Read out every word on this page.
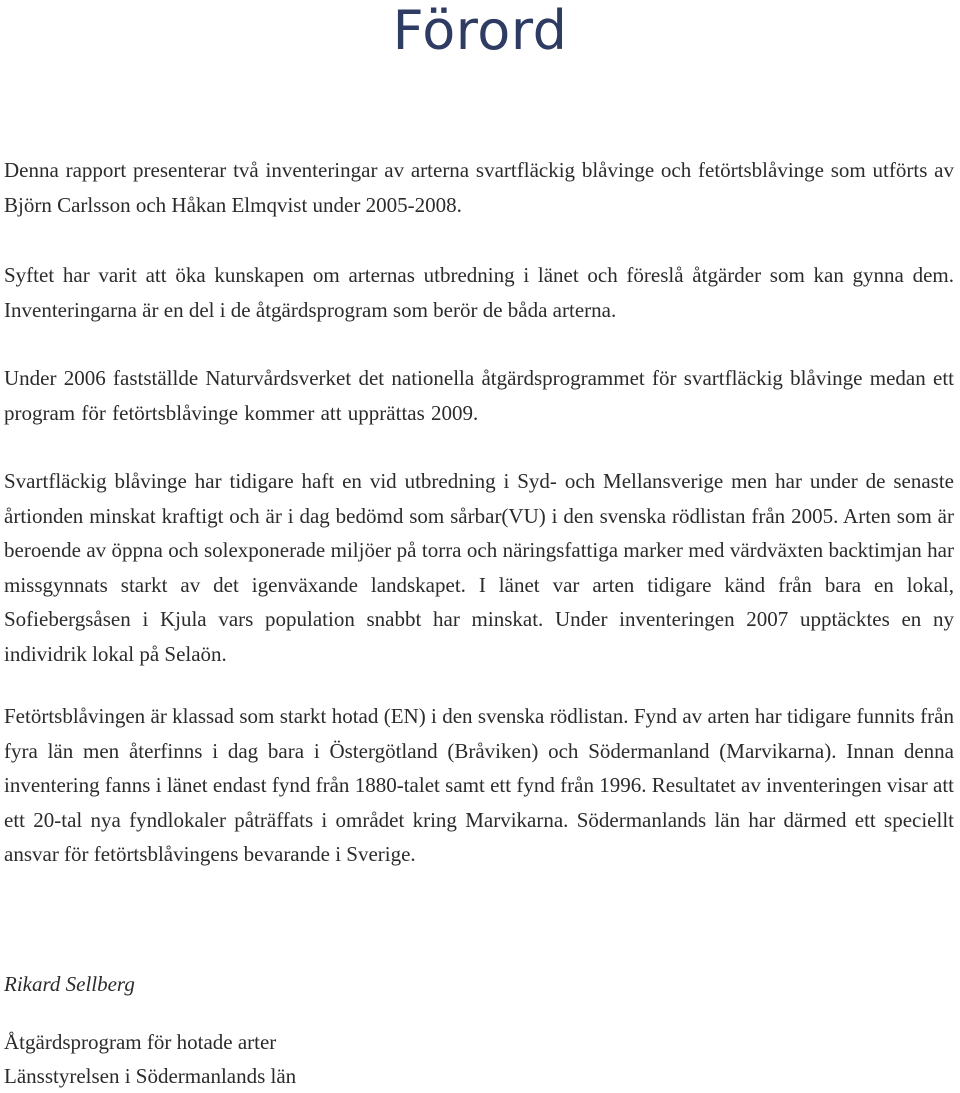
Förord

Denna rapport presenterar två inventeringar av arterna svartfläckig blåvinge och fetörtsblåvinge som utförts av Björn Carlsson och Håkan Elmqvist under 2005-2008.

Syftet har varit att öka kunskapen om arternas utbredning i länet och föreslå åtgärder som kan gynna dem. Inventeringarna är en del i de åtgärdsprogram som berör de båda arterna.

Under 2006 fastställde Naturvårdsverket det nationella åtgärdsprogrammet för svartfläckig blåvinge medan ett program för fetörtsblåvinge kommer att upprättas 2009.

Svartfläckig blåvinge har tidigare haft en vid utbredning i Syd- och Mellansverige men har under de senaste årtionden minskat kraftigt och är i dag bedömd som sårbar(VU) i den svenska rödlistan från 2005. Arten som är beroende av öppna och solexponerade miljöer på torra och näringsfattiga marker med värdväxten backtimjan har missgynnats starkt av det igenväxande landskapet. I länet var arten tidigare känd från bara en lokal, Sofiebergsåsen i Kjula vars population snabbt har minskat. Under inventeringen 2007 upptäcktes en ny individrik lokal på Selaön.

Fetörtsblåvingen är klassad som starkt hotad (EN) i den svenska rödlistan. Fynd av arten har tidigare funnits från fyra län men återfinns i dag bara i Östergötland (Bråviken) och Södermanland (Marvikarna). Innan denna inventering fanns i länet endast fynd från 1880-talet samt ett fynd från 1996. Resultatet av inventeringen visar att ett 20-tal nya fyndlokaler påträffats i området kring Marvikarna. Södermanlands län har därmed ett speciellt ansvar för fetörtsblåvingens bevarande i Sverige.

Rikard Sellberg

Åtgärdsprogram för hotade arter

Länsstyrelsen i Södermanlands län
